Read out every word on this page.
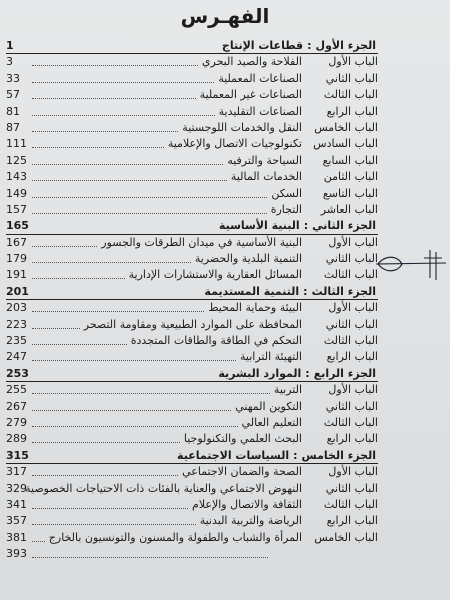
الفهـرس
الجزء الأول:قطاعات الإنتاج
1
الباب الأول
الفلاحة والصيد البحري
3
الباب الثاني
الصناعات المعملية
33
الباب الثالث
الصناعات غير المعملية
57
الباب الرابع
الصناعات التقليدية
81
الباب الخامس
النقل والخدمات اللوجستية
87
الباب السادس
تكنولوجيات الاتصال والإعلامية
111
الباب السابع
السياحة والترفيه
125
الباب الثامن
الخدمات المالية
143
الباب التاسع
السكن
149
الباب العاشر
التجارة
157
الجزء الثاني:البنية الأساسية
165
الباب الأول
البنية الأساسية في ميدان الطرقات والجسور
167
الباب الثاني
التنمية البلدية والحضرية
179
الباب الثالث
المسائل العقارية والاستشارات الإدارية
191
الجزء الثالث:التنمية المستديمة
201
الباب الأول
البيئة وحماية المحيط
203
الباب الثاني
المحافظة على الموارد الطبيعية ومقاومة التصحر
223
الباب الثالث
التحكم في الطاقة والطاقات المتجددة
235
الباب الرابع
التهيئة الترابية
247
الجزء الرابع:الموارد البشرية
253
الباب الأول
التربية
255
الباب الثاني
التكوين المهني
267
الباب الثالث
التعليم العالي
279
الباب الرابع
البحث العلمي والتكنولوجيا
289
الجزء الخامس:السياسات الاجتماعية
315
الباب الأول
الصحة والضمان الاجتماعي
317
الباب الثاني
النهوض الاجتماعي والعناية بالفئات ذات الاحتياجات الخصوصية
329
الباب الثالث
الثقافة والاتصال والإعلام
341
الباب الرابع
الرياضة والتربية البدنية
357
الباب الخامس
المرأة والشباب والطفولة والمسنون والتونسيون بالخارج
381
393
